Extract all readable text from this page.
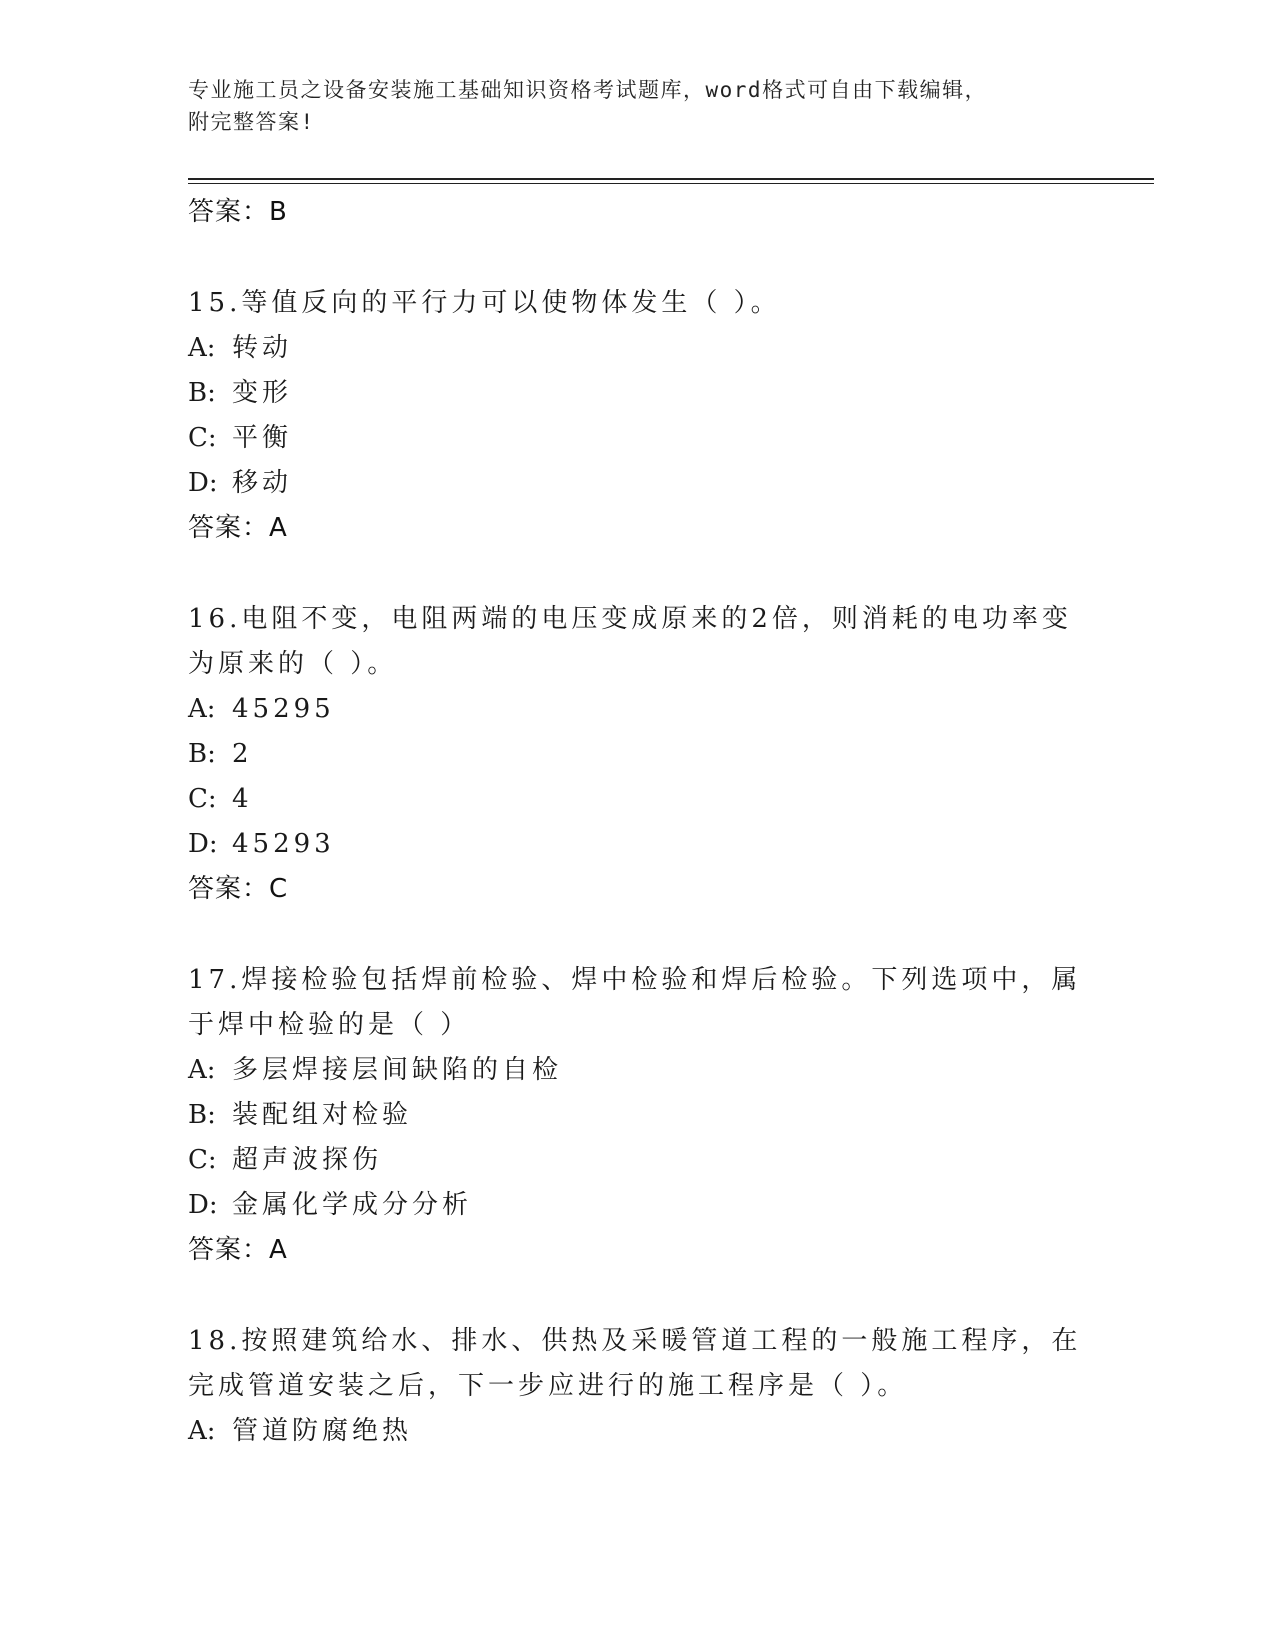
专业施工员之设备安装施工基础知识资格考试题库，word格式可自由下载编辑，
附完整答案!
答案：B
15.等值反向的平行力可以使物体发生（ ）。
A: 转动
B: 变形
C: 平衡
D: 移动
答案：A
16.电阻不变，电阻两端的电压变成原来的2倍，则消耗的电功率变为原来的（ ）。
A: 45295
B: 2
C: 4
D: 45293
答案：C
17.焊接检验包括焊前检验、焊中检验和焊后检验。下列选项中，属于焊中检验的是（ ）
A: 多层焊接层间缺陷的自检
B: 装配组对检验
C: 超声波探伤
D: 金属化学成分分析
答案：A
18.按照建筑给水、排水、供热及采暖管道工程的一般施工程序，在完成管道安装之后，下一步应进行的施工程序是（ ）。
A: 管道防腐绝热
